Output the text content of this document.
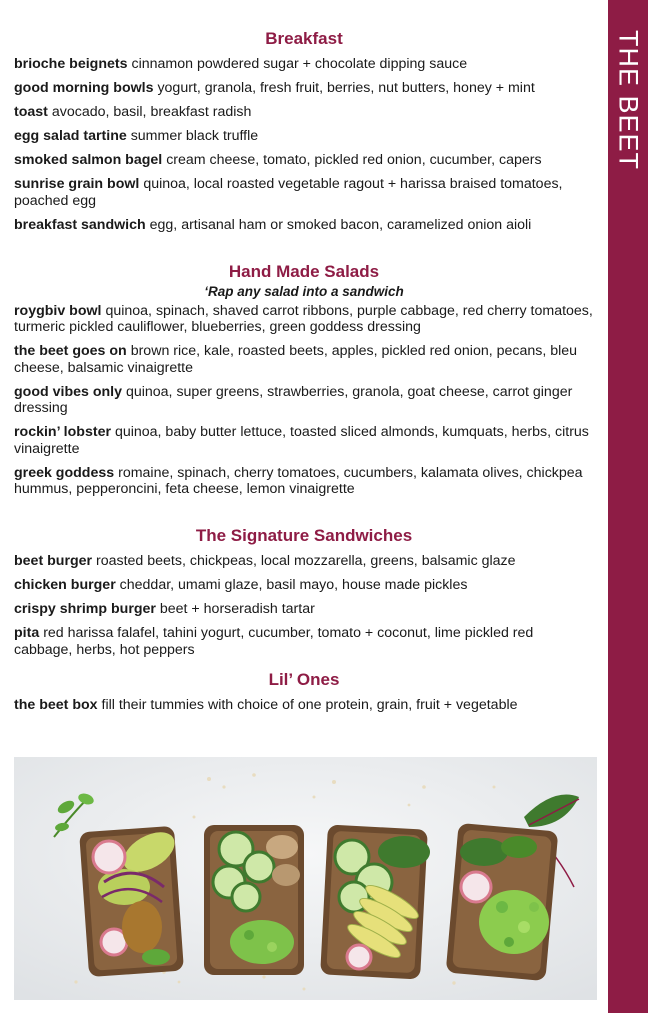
THE BEET
Breakfast

brioche beignets cinnamon powdered sugar + chocolate dipping sauce

good morning bowls yogurt, granola, fresh fruit, berries, nut butters, honey + mint

toast avocado, basil, breakfast radish

egg salad tartine summer black truffle

smoked salmon bagel cream cheese, tomato, pickled red onion, cucumber, capers

sunrise grain bowl quinoa, local roasted vegetable ragout + harissa braised tomatoes, poached egg

breakfast sandwich egg, artisanal ham or smoked bacon, caramelized onion aioli

Hand Made Salads

‘Rap any salad into a sandwich

roygbiv bowl quinoa, spinach, shaved carrot ribbons, purple cabbage, red cherry tomatoes, turmeric pickled cauliflower, blueberries, green goddess dressing

the beet goes on brown rice, kale, roasted beets, apples, pickled red onion, pecans, bleu cheese, balsamic vinaigrette

good vibes only quinoa, super greens, strawberries, granola, goat cheese, carrot ginger dressing

rockin’ lobster quinoa, baby butter lettuce, toasted sliced almonds, kumquats, herbs, citrus vinaigrette

greek goddess romaine, spinach, cherry tomatoes, cucumbers, kalamata olives, chickpea hummus, pepperoncini, feta cheese, lemon vinaigrette

The Signature Sandwiches

beet burger roasted beets, chickpeas, local mozzarella, greens, balsamic glaze

chicken burger cheddar, umami glaze, basil mayo, house made pickles

crispy shrimp burger beet + horseradish tartar

pita red harissa falafel, tahini yogurt, cucumber, tomato + coconut, lime pickled red cabbage, herbs, hot peppers

Lil’ Ones

the beet box fill their tummies with choice of one protein, grain, fruit + vegetable
